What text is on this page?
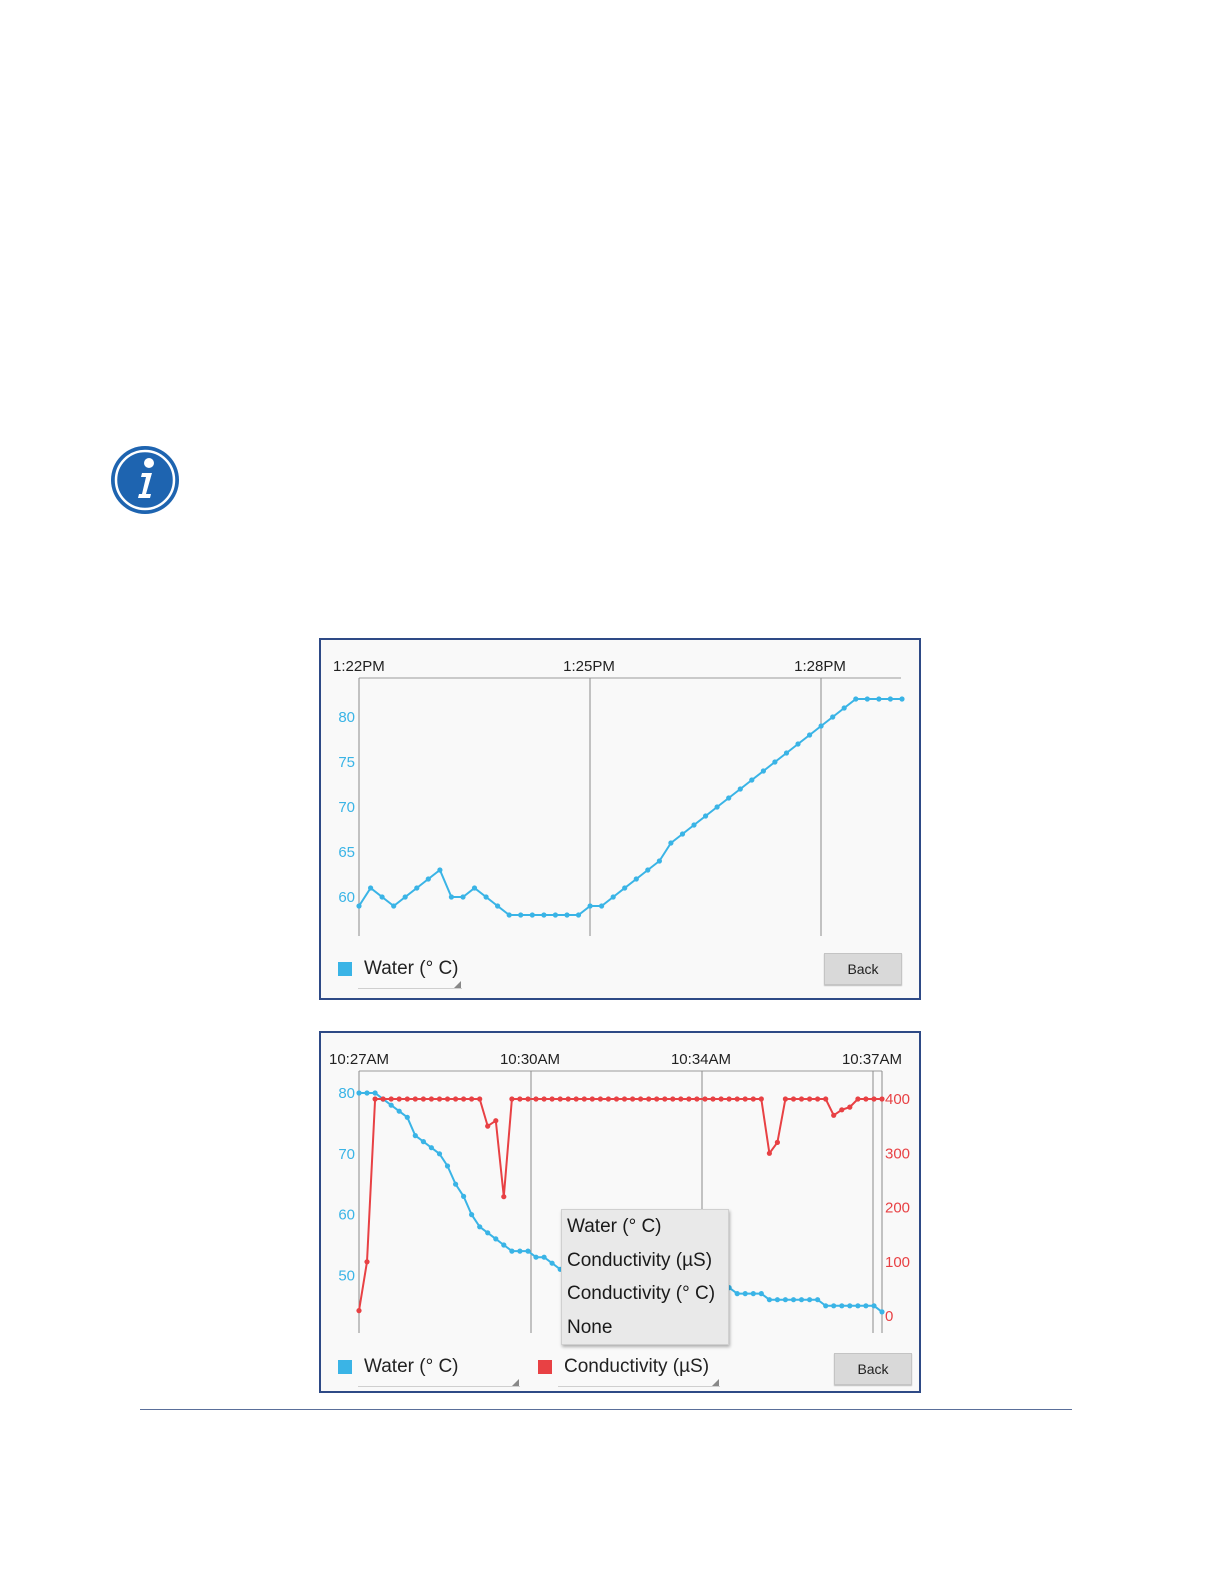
1:22PM	1:25PM	1:28PM
80
75
70
65
60
Water (° C)	Back
10:27AM	10:30AM	10:34AM	10:37AM
80
70
60
50
400
300
200
100
0
Water (° C)	Conductivity (µS)	Back
Water (° C)
Conductivity (µS)
Conductivity (° C)
None
